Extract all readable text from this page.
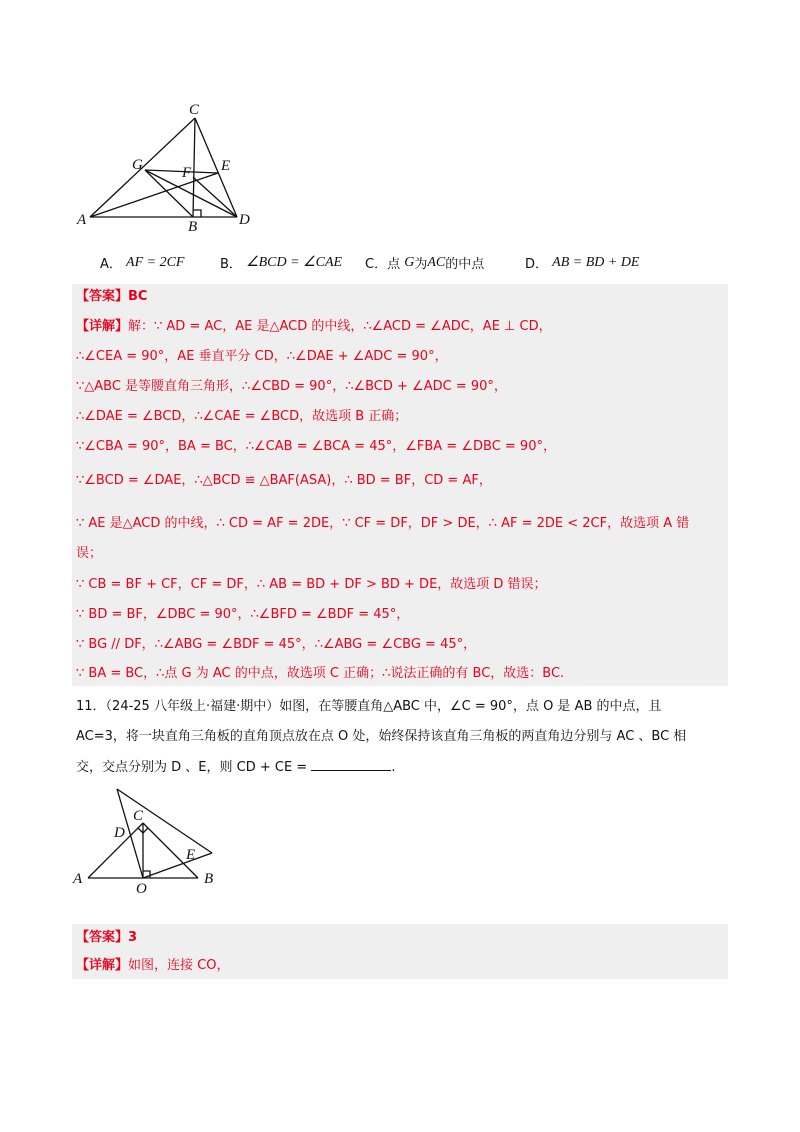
C
G	F E
A	B	D
A．
AF = 2CF	B．
∠BCD = ∠CAE C．点
G 为 AC 的中点	D．
AB = BD + DE
【答案】BC
【详解】解：∵ AD = AC，AE 是△ACD 的中线，∴∠ACD = ∠ADC，AE ⊥ CD，
∴∠CEA = 90°，AE 垂直平分 CD，∴∠DAE + ∠ADC = 90°，
∵△ABC 是等腰直角三角形，∴∠CBD = 90°，∴∠BCD + ∠ADC = 90°，
∴∠DAE = ∠BCD，∴∠CAE = ∠BCD，故选项 B 正确；
∵∠CBA = 90°，BA = BC，∴∠CAB = ∠BCA = 45°，∠FBA = ∠DBC = 90°，
∵∠BCD = ∠DAE，∴△BCD ≌ △BAF(ASA)，∴ BD = BF，CD = AF，
∵ AE 是△ACD 的中线，∴ CD = AF = 2DE，∵ CF = DF，DF > DE，∴ AF = 2DE < 2CF，故选项 A 错
误；
∵ CB = BF + CF，CF = DF，∴ AB = BD + DF > BD + DE，故选项 D 错误；
∵ BD = BF，∠DBC = 90°，∴∠BFD = ∠BDF = 45°，
∵ BG // DF，∴∠ABG = ∠BDF = 45°，∴∠ABG = ∠CBG = 45°，
∵ BA = BC，∴点 G 为 AC 的中点，故选项 C 正确；∴说法正确的有 BC，故选：BC.
11．（24-25 八年级上·福建·期中）如图，在等腰直角△ABC 中，∠C = 90°，点 O 是 AB 的中点，且
AC=3，将一块直角三角板的直角顶点放在点 O 处，始终保持该直角三角板的两直角边分别与 AC 、BC 相
交，交点分别为 D 、E，则 CD + CE =	.
C
D
E
A
O
B
【答案】3
【详解】如图，连接 CO，
